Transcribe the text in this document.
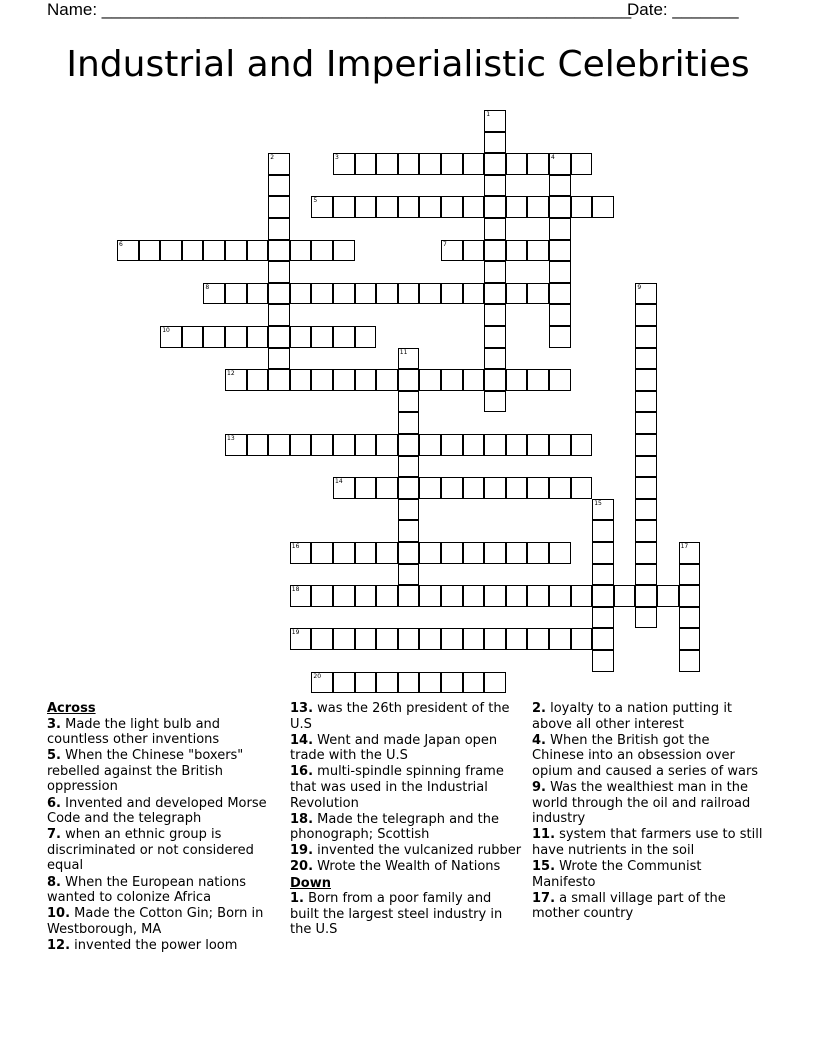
Name: ________________________________________________________
Date: _______
Industrial and Imperialistic Celebrities
1
2	3	4
5
6	7
8	9
10
11
12
13
14
15
16	17
18
19
20
Across
3. Made the light bulb and countless other inventions
5. When the Chinese "boxers" rebelled against the British oppression
6. Invented and developed Morse Code and the telegraph
7. when an ethnic group is discriminated or not considered equal
8. When the European nations wanted to colonize Africa
10. Made the Cotton Gin; Born in Westborough, MA
12. invented the power loom
13. was the 26th president of the U.S
14. Went and made Japan open trade with the U.S
16. multi-spindle spinning frame that was used in the Industrial Revolution
18. Made the telegraph and the phonograph; Scottish
19. invented the vulcanized rubber
20. Wrote the Wealth of Nations
Down
1. Born from a poor family and built the largest steel industry in the U.S
2. loyalty to a nation putting it above all other interest
4. When the British got the Chinese into an obsession over opium and caused a series of wars
9. Was the wealthiest man in the world through the oil and railroad industry
11. system that farmers use to still have nutrients in the soil
15. Wrote the Communist Manifesto
17. a small village part of the mother country
